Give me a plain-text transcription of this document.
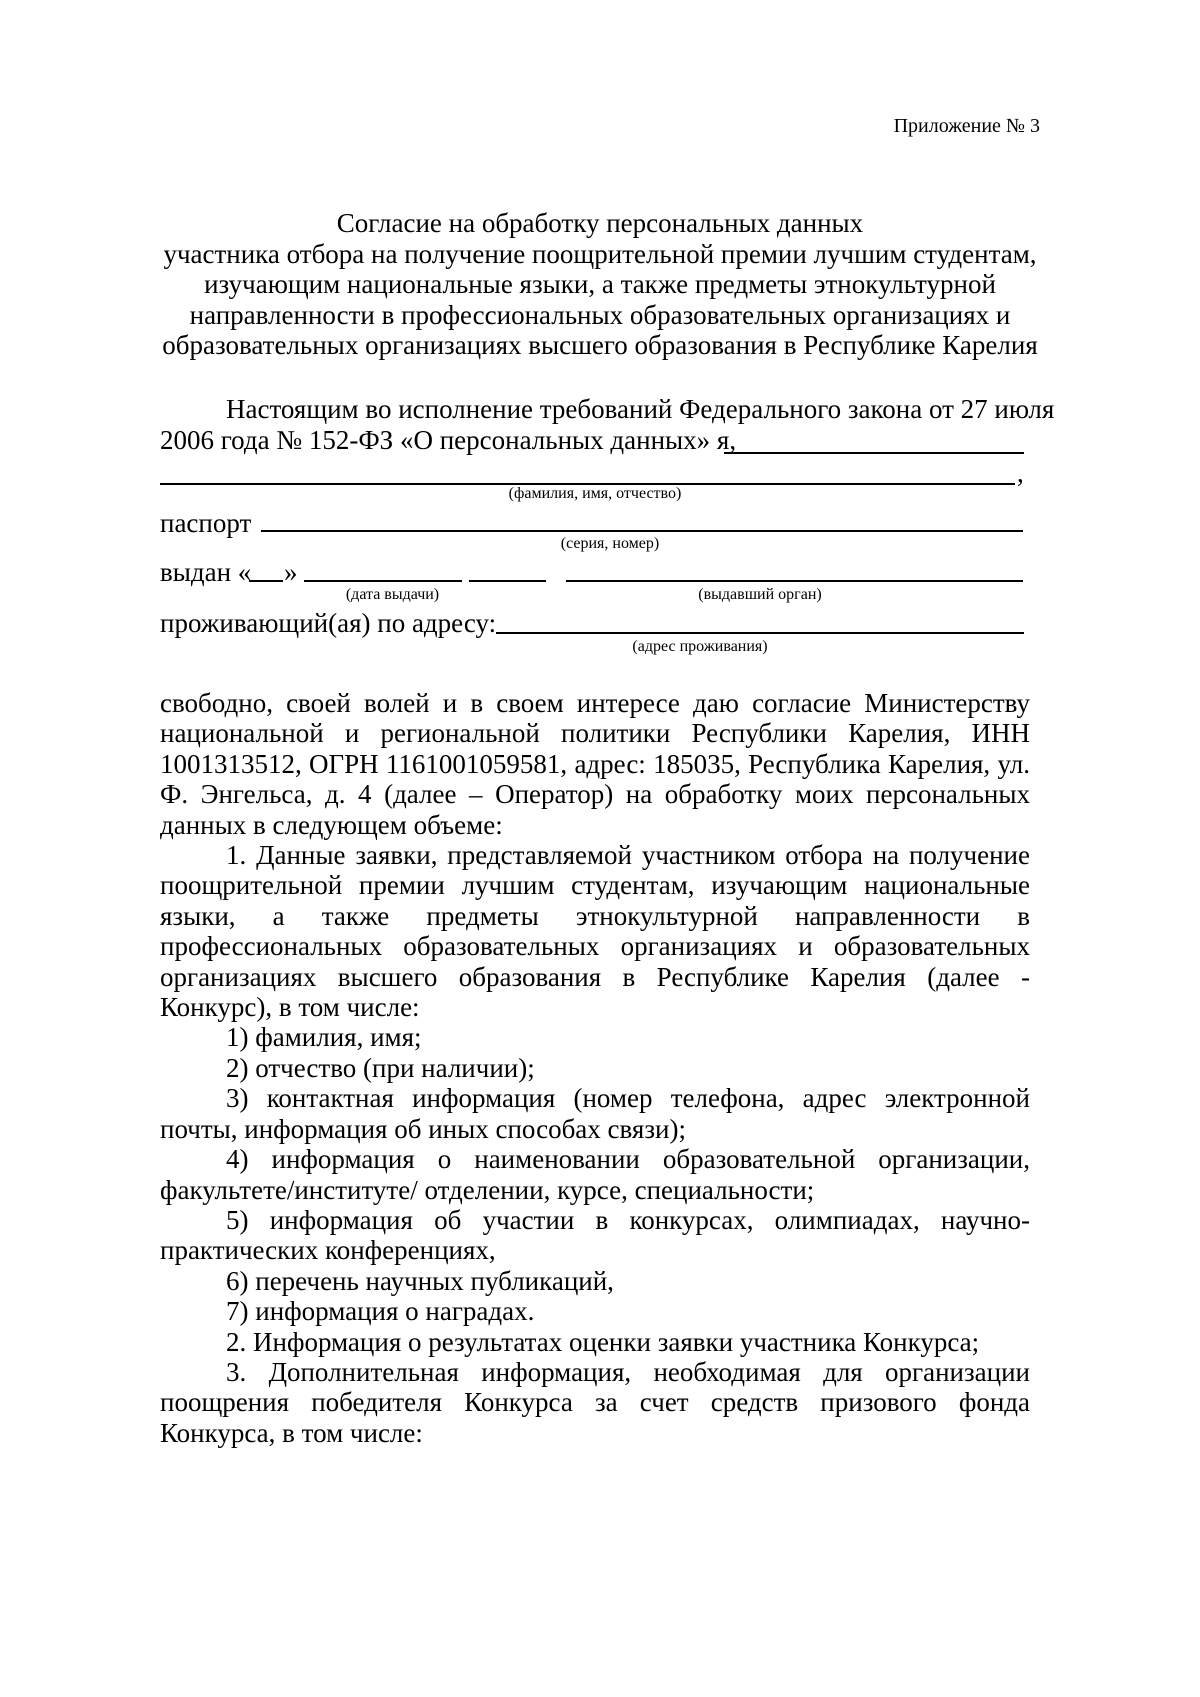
Приложение № 3
Согласие на обработку персональных данных
участника отбора на получение поощрительной премии лучшим студентам,
изучающим национальные языки, а также предметы этнокультурной
направленности в профессиональных образовательных организациях и
образовательных организациях высшего образования в Республике Карелия
Настоящим во исполнение требований Федерального закона от 27 июля
2006 года № 152-ФЗ «О персональных данных» я,
,
(фамилия, имя, отчество)
паспорт
(серия, номер)
выдан « »
(дата выдачи)	(выдавший орган)
проживающий(ая) по адресу:
(адрес проживания)

свободно, своей волей и в своем интересе даю согласие Министерству национальной и региональной политики Республики Карелия, ИНН 1001313512, ОГРН 1161001059581, адрес: 185035, Республика Карелия, ул. Ф. Энгельса, д. 4 (далее – Оператор) на обработку моих персональных данных в следующем объеме:

1. Данные заявки, представляемой участником отбора на получение поощрительной премии лучшим студентам, изучающим национальные языки, а также предметы этнокультурной направленности в профессиональных образовательных организациях и образовательных организациях высшего образования в Республике Карелия (далее - Конкурс), в том числе:

1) фамилия, имя;

2) отчество (при наличии);

3) контактная информация (номер телефона, адрес электронной почты, информация об иных способах связи);

4) информация о наименовании образовательной организации, факультете/институте/ отделении, курсе, специальности;

5) информация об участии в конкурсах, олимпиадах, научно-практических конференциях,

6) перечень научных публикаций,

7) информация о наградах.

2. Информация о результатах оценки заявки участника Конкурса;

3. Дополнительная информация, необходимая для организации поощрения победителя Конкурса за счет средств призового фонда Конкурса, в том числе:
